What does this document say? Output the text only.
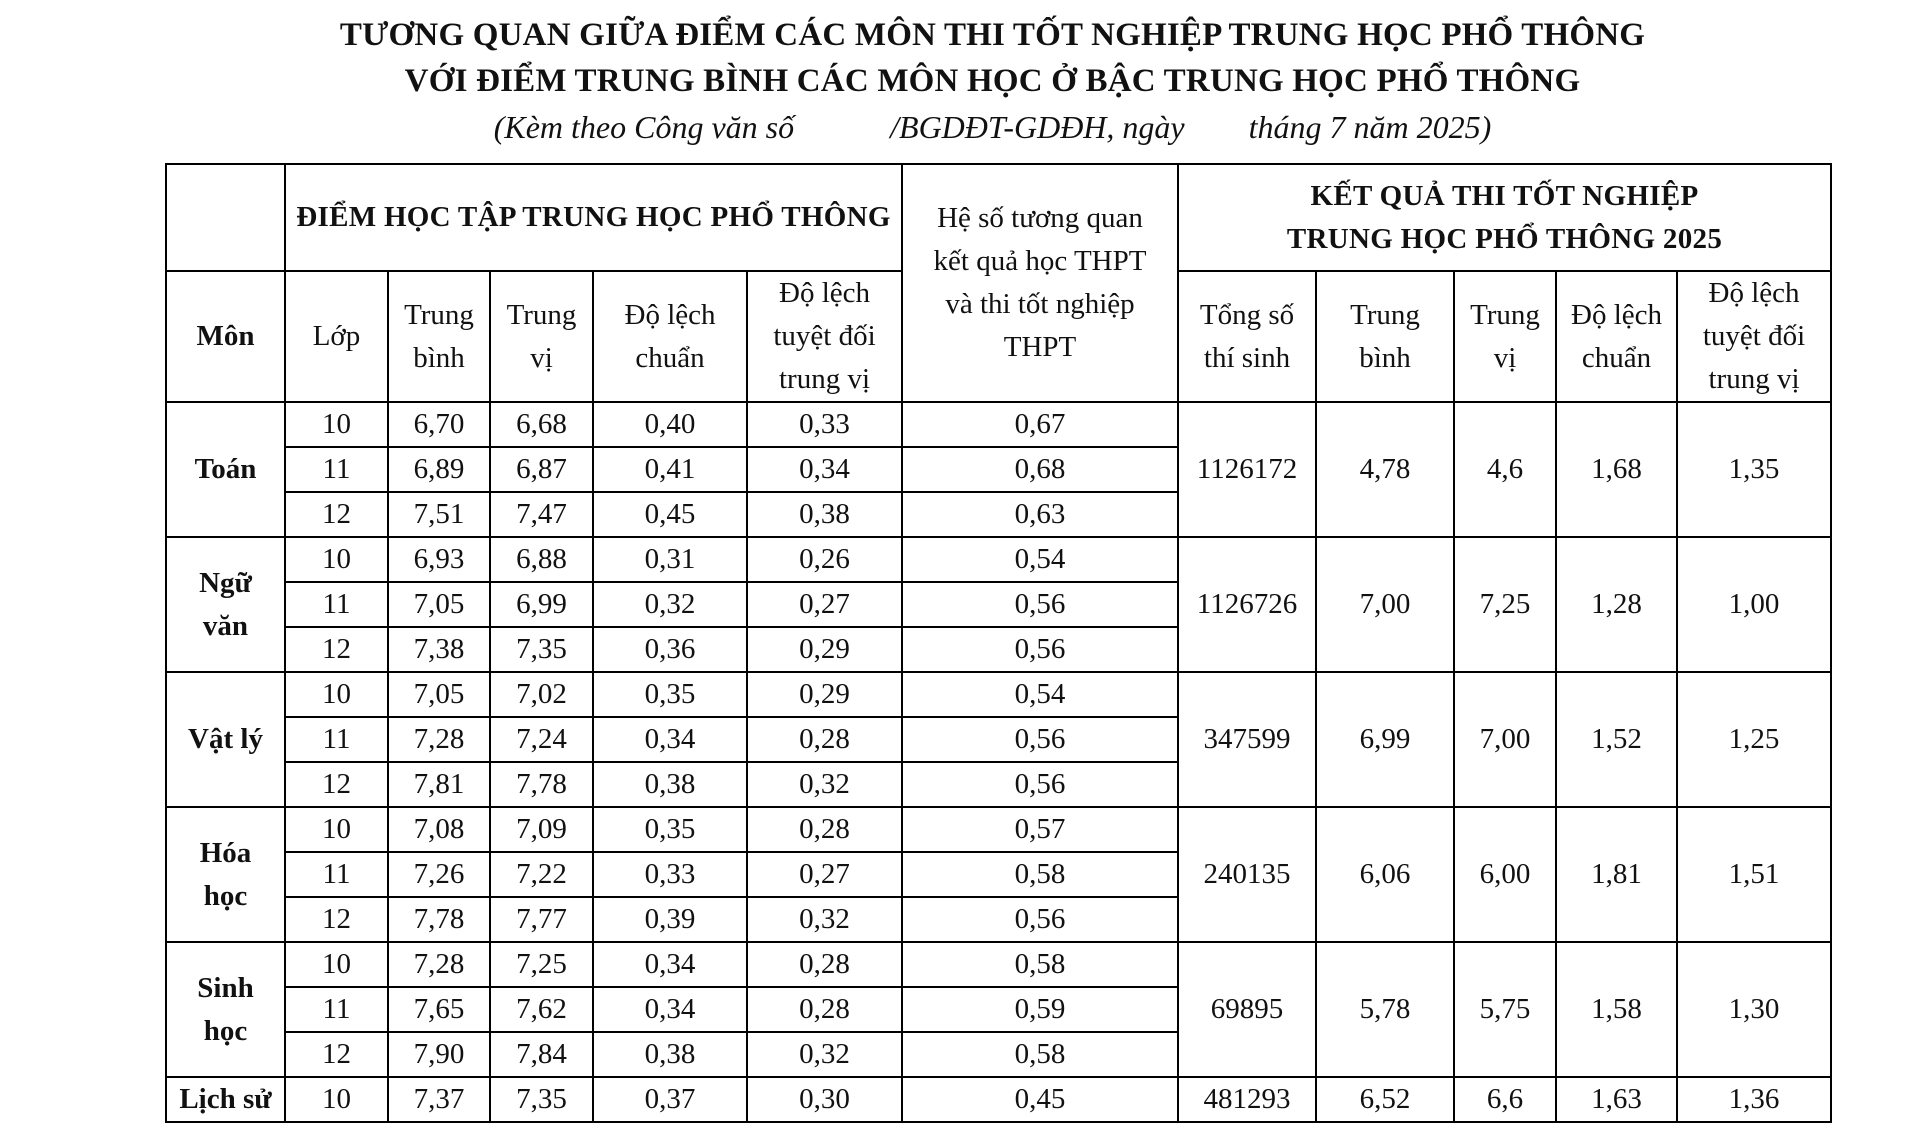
TƯƠNG QUAN GIỮA ĐIỂM CÁC MÔN THI TỐT NGHIỆP TRUNG HỌC PHỔ THÔNG
VỚI ĐIỂM TRUNG BÌNH CÁC MÔN HỌC Ở BẬC TRUNG HỌC PHỔ THÔNG
(Kèm theo Công văn số            /BGDĐT-GDĐH, ngày        tháng 7 năm 2025)
	ĐIỂM HỌC TẬP TRUNG HỌC PHỔ THÔNG					Hệ số tương quan kết quả học THPT và thi tốt nghiệp THPT	KẾT QUẢ THI TỐT NGHIỆP
TRUNG HỌC PHỔ THÔNG 2025				

Môn	Lớp	Trung bình	Trung vị	Độ lệch chuẩn	Độ lệch tuyệt đối trung vị		Tổng số thí sinh	Trung bình	Trung vị	Độ lệch chuẩn	Độ lệch tuyệt đối trung vị
Toán	10	6,70	6,68	0,40	0,33	0,67	1126172	4,78	4,6	1,68	1,35
	11	6,89	6,87	0,41	0,34	0,68					
	12	7,51	7,47	0,45	0,38	0,63					
Ngữ văn	10	6,93	6,88	0,31	0,26	0,54	1126726	7,00	7,25	1,28	1,00
	11	7,05	6,99	0,32	0,27	0,56					
	12	7,38	7,35	0,36	0,29	0,56					
Vật lý	10	7,05	7,02	0,35	0,29	0,54	347599	6,99	7,00	1,52	1,25
	11	7,28	7,24	0,34	0,28	0,56					
	12	7,81	7,78	0,38	0,32	0,56					
Hóa học	10	7,08	7,09	0,35	0,28	0,57	240135	6,06	6,00	1,81	1,51
	11	7,26	7,22	0,33	0,27	0,58					
	12	7,78	7,77	0,39	0,32	0,56					
Sinh học	10	7,28	7,25	0,34	0,28	0,58	69895	5,78	5,75	1,58	1,30
	11	7,65	7,62	0,34	0,28	0,59					
	12	7,90	7,84	0,38	0,32	0,58					
Lịch sử	10	7,37	7,35	0,37	0,30	0,45	481293	6,52	6,6	1,63	1,36
